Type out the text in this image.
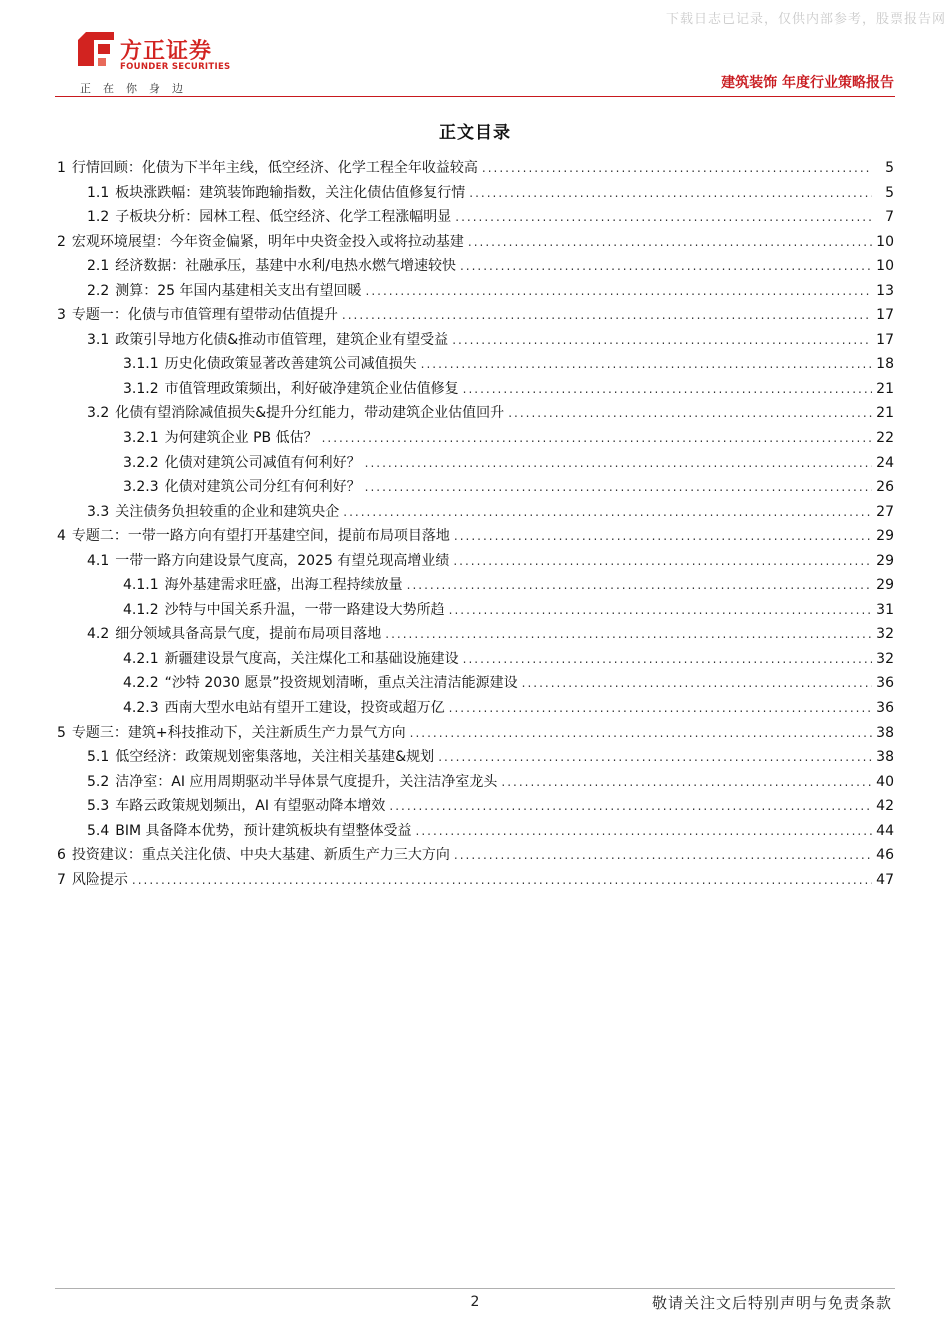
下载日志已记录，仅供内部参考，股票报告网
方正证券
FOUNDER SECURITIES
正在你身边	建筑装饰 年度行业策略报告
正文目录
1 行情回顾：化债为下半年主线，低空经济、化学工程全年收益较高 .....	5
1.1 板块涨跌幅：建筑装饰跑输指数，关注化债估值修复行情 .....	5
1.2 子板块分析：园林工程、低空经济、化学工程涨幅明显 .....	7
2 宏观环境展望：今年资金偏紧，明年中央资金投入或将拉动基建 .....	10
2.1 经济数据：社融承压，基建中水利/电热水燃气增速较快 .....	10
2.2 测算：25 年国内基建相关支出有望回暖 .....	13
3 专题一：化债与市值管理有望带动估值提升 .....	17
3.1 政策引导地方化债&推动市值管理，建筑企业有望受益 .....	17
3.1.1 历史化债政策显著改善建筑公司减值损失 .....	18
3.1.2 市值管理政策频出，利好破净建筑企业估值修复 .....	21
3.2 化债有望消除减值损失&提升分红能力，带动建筑企业估值回升 .....	21
3.2.1 为何建筑企业 PB 低估？ .....	22
3.2.2 化债对建筑公司减值有何利好？ .....	24
3.2.3 化债对建筑公司分红有何利好？ .....	26
3.3 关注债务负担较重的企业和建筑央企 .....	27
4 专题二：一带一路方向有望打开基建空间，提前布局项目落地 .....	29
4.1 一带一路方向建设景气度高，2025 有望兑现高增业绩 .....	29
4.1.1 海外基建需求旺盛，出海工程持续放量 .....	29
4.1.2 沙特与中国关系升温，一带一路建设大势所趋 .....	31
4.2 细分领域具备高景气度，提前布局项目落地 .....	32
4.2.1 新疆建设景气度高，关注煤化工和基础设施建设 .....	32
4.2.2 “沙特 2030 愿景”投资规划清晰，重点关注清洁能源建设 .....	36
4.2.3 西南大型水电站有望开工建设，投资或超万亿 .....	36
5 专题三：建筑+科技推动下，关注新质生产力景气方向 .....	38
5.1 低空经济：政策规划密集落地，关注相关基建&规划 .....	38
5.2 洁净室：AI 应用周期驱动半导体景气度提升，关注洁净室龙头 .....	40
5.3 车路云政策规划频出，AI 有望驱动降本增效 .....	42
5.4 BIM 具备降本优势，预计建筑板块有望整体受益 .....	44
6 投资建议：重点关注化债、中央大基建、新质生产力三大方向 .....	46
7 风险提示 .....	47
2	敬请关注文后特别声明与免责条款
